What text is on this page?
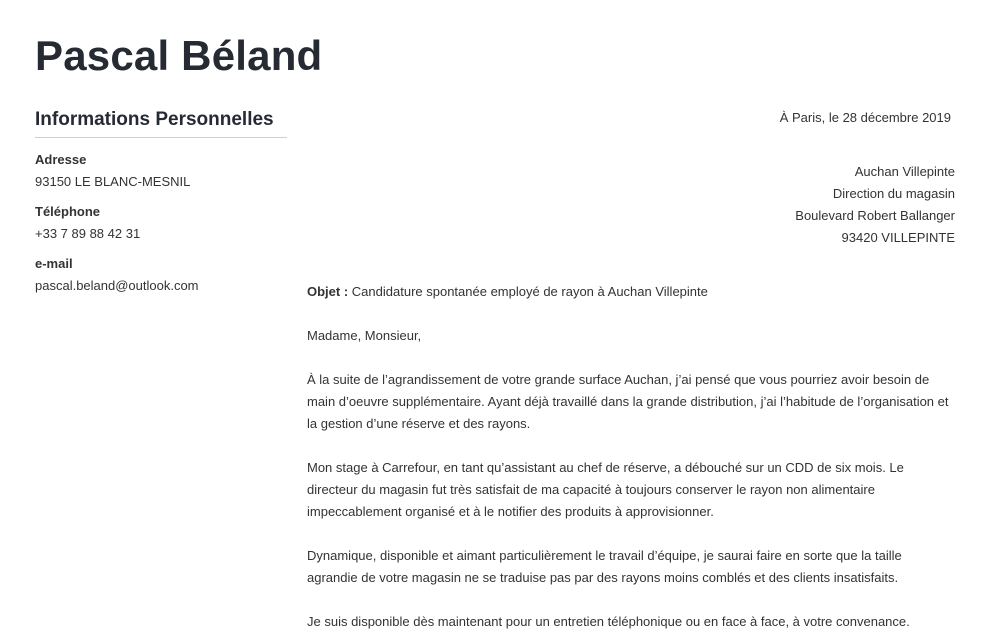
Pascal Béland
Informations Personnelles
Adresse
93150 LE BLANC-MESNIL
Téléphone
+33 7 89 88 42 31
e-mail
pascal.beland@outlook.com
À Paris, le 28 décembre 2019
Auchan Villepinte
Direction du magasin
Boulevard Robert Ballanger
93420 VILLEPINTE
Objet : Candidature spontanée employé de rayon à Auchan Villepinte
Madame, Monsieur,
À la suite de l’agrandissement de votre grande surface Auchan, j’ai pensé que vous pourriez avoir besoin de main d’oeuvre supplémentaire. Ayant déjà travaillé dans la grande distribution, j’ai l’habitude de l’organisation et la gestion d’une réserve et des rayons.
Mon stage à Carrefour, en tant qu’assistant au chef de réserve, a débouché sur un CDD de six mois. Le directeur du magasin fut très satisfait de ma capacité à toujours conserver le rayon non alimentaire impeccablement organisé et à le notifier des produits à approvisionner.
Dynamique, disponible et aimant particulièrement le travail d’équipe, je saurai faire en sorte que la taille agrandie de votre magasin ne se traduise pas par des rayons moins comblés et des clients insatisfaits.
Je suis disponible dès maintenant pour un entretien téléphonique ou en face à face, à votre convenance.
